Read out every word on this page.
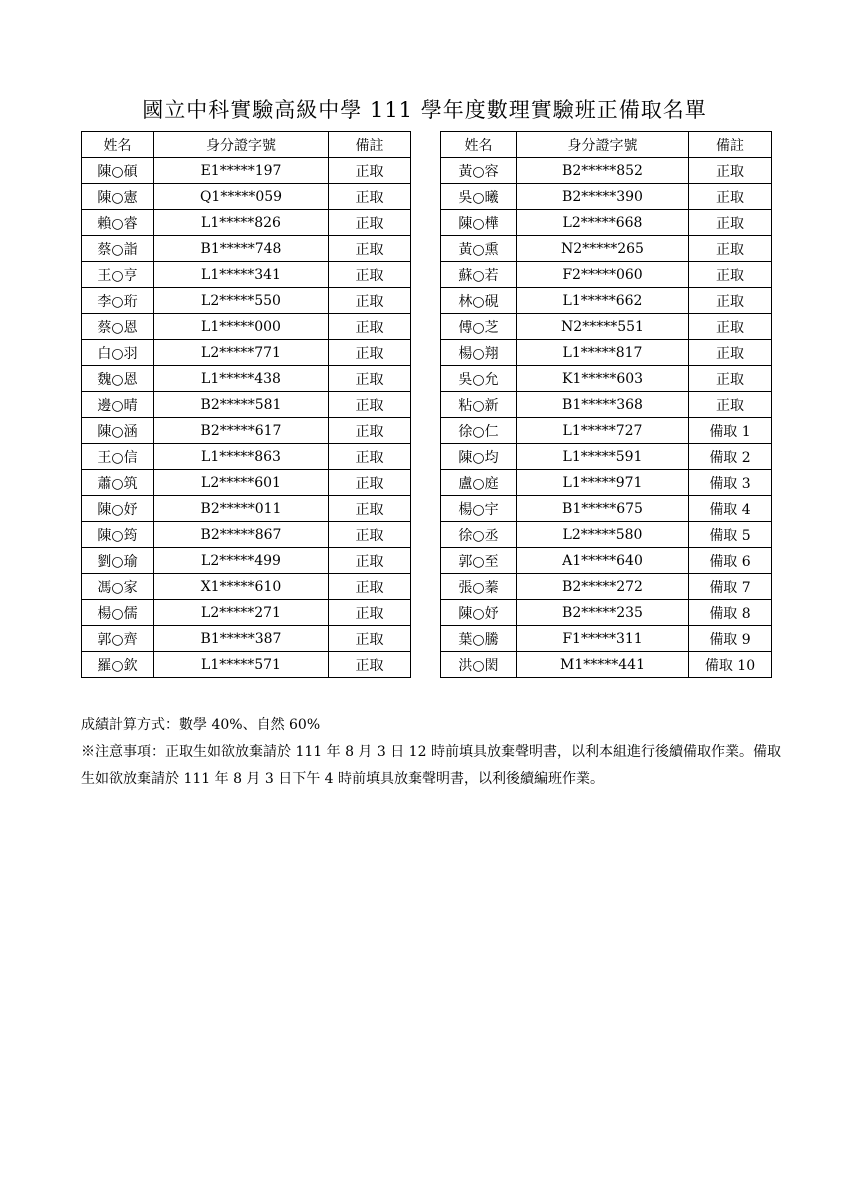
國立中科實驗高級中學 111 學年度數理實驗班正備取名單
姓名	身分證字號	備註
陳○碩	E1*****197	正取
陳○憲	Q1*****059	正取
賴○睿	L1*****826	正取
蔡○詣	B1*****748	正取
王○亨	L1*****341	正取
李○珩	L2*****550	正取
蔡○恩	L1*****000	正取
白○羽	L2*****771	正取
魏○恩	L1*****438	正取
邊○晴	B2*****581	正取
陳○涵	B2*****617	正取
王○信	L1*****863	正取
蕭○筑	L2*****601	正取
陳○妤	B2*****011	正取
陳○筠	B2*****867	正取
劉○瑜	L2*****499	正取
馮○家	X1*****610	正取
楊○儒	L2*****271	正取
郭○齊	B1*****387	正取
羅○欽	L1*****571	正取
姓名	身分證字號	備註
黃○容	B2*****852	正取
吳○曦	B2*****390	正取
陳○樺	L2*****668	正取
黃○熏	N2*****265	正取
蘇○若	F2*****060	正取
林○硯	L1*****662	正取
傅○芝	N2*****551	正取
楊○翔	L1*****817	正取
吳○允	K1*****603	正取
粘○新	B1*****368	正取
徐○仁	L1*****727	備取 1
陳○均	L1*****591	備取 2
盧○庭	L1*****971	備取 3
楊○宇	B1*****675	備取 4
徐○丞	L2*****580	備取 5
郭○至	A1*****640	備取 6
張○蓁	B2*****272	備取 7
陳○妤	B2*****235	備取 8
葉○騰	F1*****311	備取 9
洪○閎	M1*****441	備取 10

成績計算方式：數學 40%、自然 60%

※注意事項：正取生如欲放棄請於 111 年 8 月 3 日 12 時前填具放棄聲明書，以利本組進行後續備取作業。備取生如欲放棄請於 111 年 8 月 3 日下午 4 時前填具放棄聲明書，以利後續編班作業。
